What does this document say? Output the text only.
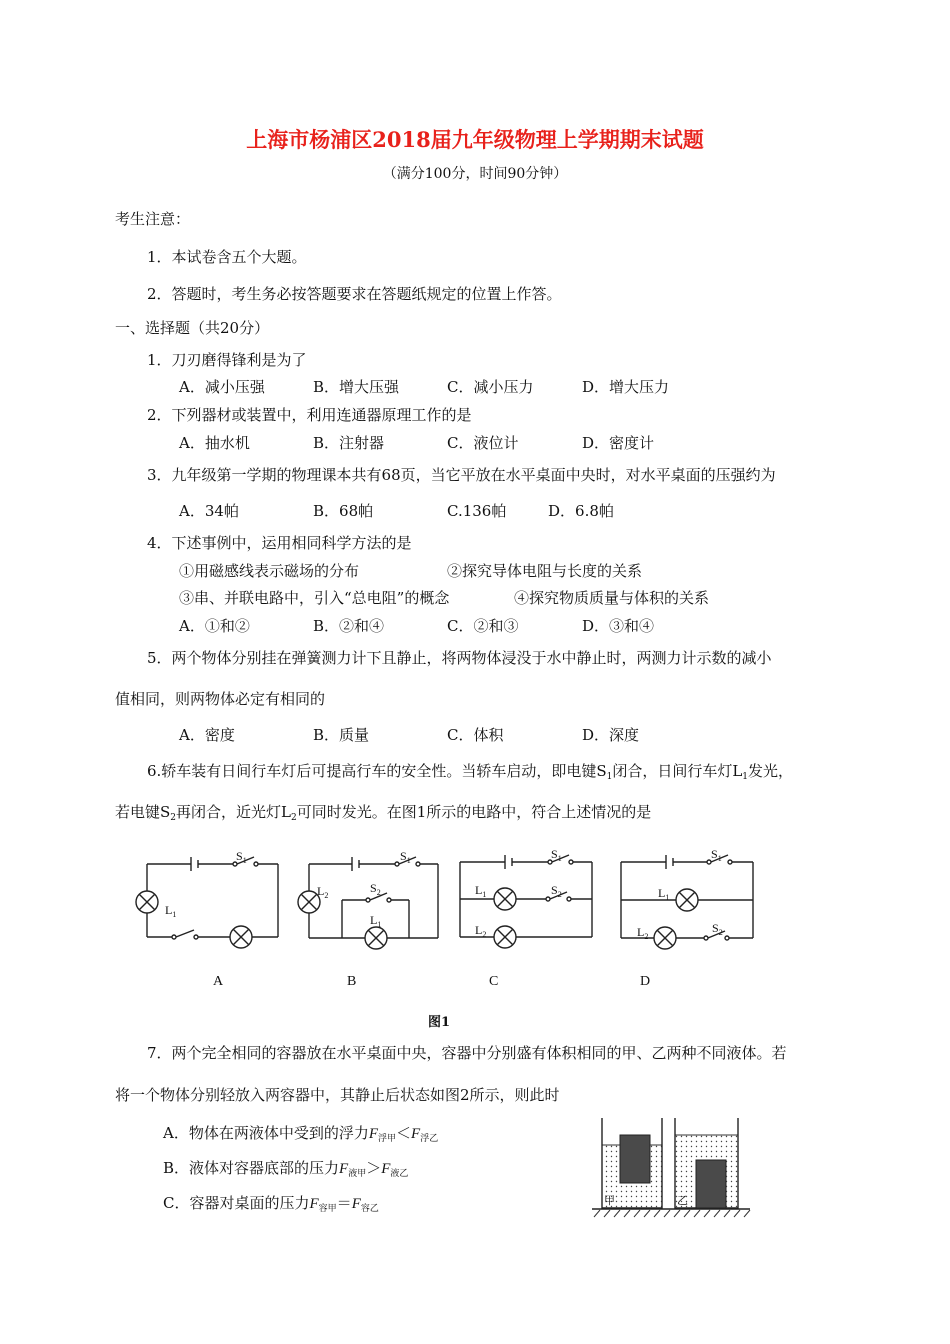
上海市杨浦区2018届九年级物理上学期期末试题
（满分100分，时间90分钟）
考生注意：
1．本试卷含五个大题。
2．答题时，考生务必按答题要求在答题纸规定的位置上作答。
一、选择题（共20分）
1．刀刃磨得锋利是为了
A．减小压强	B．增大压强	C．减小压力	D．增大压力
2．下列器材或装置中，利用连通器原理工作的是
A．抽水机	B．注射器	C．液位计	D．密度计
3．九年级第一学期的物理课本共有68页，当它平放在水平桌面中央时，对水平桌面的压强约为
A．34帕	B．68帕	C.136帕	D．6.8帕
4．下述事例中，运用相同科学方法的是
①用磁感线表示磁场的分布	②探究导体电阻与长度的关系
③串、并联电路中，引入“总电阻”的概念	④探究物质质量与体积的关系
A．①和②	B．②和④	C．②和③	D．③和④
5．两个物体分别挂在弹簧测力计下且静止，将两物体浸没于水中静止时，两测力计示数的减小
值相同，则两物体必定有相同的
A．密度	B．质量	C．体积	D．深度
6.轿车装有日间行车灯后可提高行车的安全性。当轿车启动，即电键$S_1$闭合，日间行车灯$L_1$发光，
若电键$S_2$再闭合，近光灯$L_2$可同时发光。在图1所示的电路中，符合上述情况的是
$S_1$
$L_1$
$S_1$
$L_2$
$S_2$
$L_1$
$S_1$
$L_1$	$S_2$
$L_2$
$S_1$
$L_1$
$L_2$
$S_2$
A	B	C	D
图1
7．两个完全相同的容器放在水平桌面中央，容器中分别盛有体积相同的甲、乙两种不同液体。若
将一个物体分别轻放入两容器中，其静止后状态如图2所示，则此时
A．物体在两液体中受到的浮力$F_{浮甲}<F_{浮乙}$
B．液体对容器底部的压力$F_{液甲}>F_{液乙}$
C．容器对桌面的压力$F_{容甲}=F_{容乙}$
甲	乙
